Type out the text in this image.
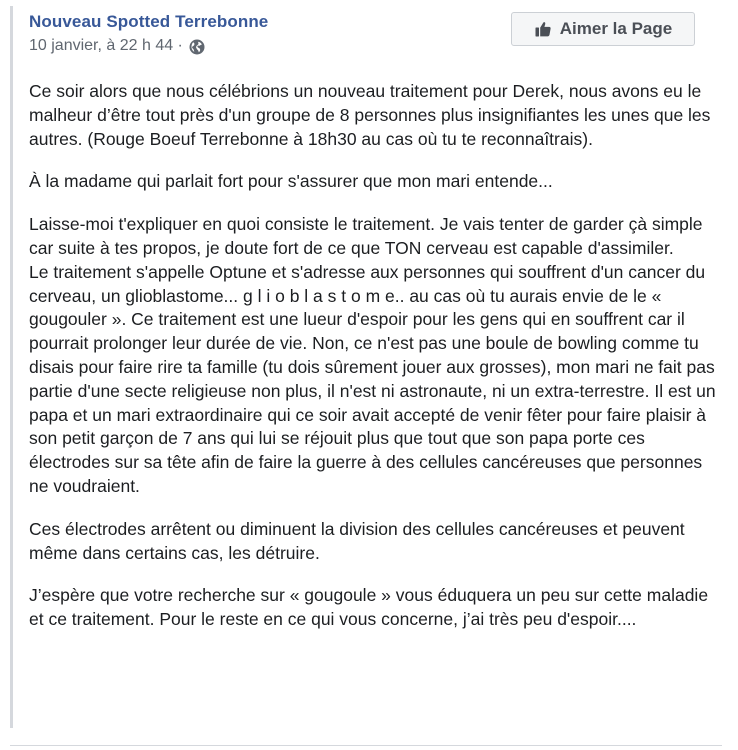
Nouveau Spotted Terrebonne
10 janvier, à 22 h 44 ·
Aimer la Page

Ce soir alors que nous célébrions un nouveau traitement pour Derek, nous avons eu le malheur d’être tout près d'un groupe de 8 personnes plus insignifiantes les unes que les autres. (Rouge Boeuf Terrebonne à 18h30 au cas où tu te reconnaîtrais).

À la madame qui parlait fort pour s'assurer que mon mari entende...

Laisse-moi t'expliquer en quoi consiste le traitement. Je vais tenter de garder çà simple car suite à tes propos, je doute fort de ce que TON cerveau est capable d'assimiler.
Le traitement s'appelle Optune et s'adresse aux personnes qui souffrent d'un cancer du cerveau, un glioblastome... g l i o b l a s t o m e.. au cas où tu aurais envie de le « gougouler ». Ce traitement est une lueur d'espoir pour les gens qui en souffrent car il pourrait prolonger leur durée de vie. Non, ce n'est pas une boule de bowling comme tu disais pour faire rire ta famille (tu dois sûrement jouer aux grosses), mon mari ne fait pas partie d'une secte religieuse non plus, il n'est ni astronaute, ni un extra-terrestre. Il est un papa et un mari extraordinaire qui ce soir avait accepté de venir fêter pour faire plaisir à son petit garçon de 7 ans qui lui se réjouit plus que tout que son papa porte ces électrodes sur sa tête afin de faire la guerre à des cellules cancéreuses que personnes ne voudraient.

Ces électrodes arrêtent ou diminuent la division des cellules cancéreuses et peuvent même dans certains cas, les détruire.

J’espère que votre recherche sur « gougoule » vous éduquera un peu sur cette maladie et ce traitement. Pour le reste en ce qui vous concerne, j’ai très peu d'espoir....
